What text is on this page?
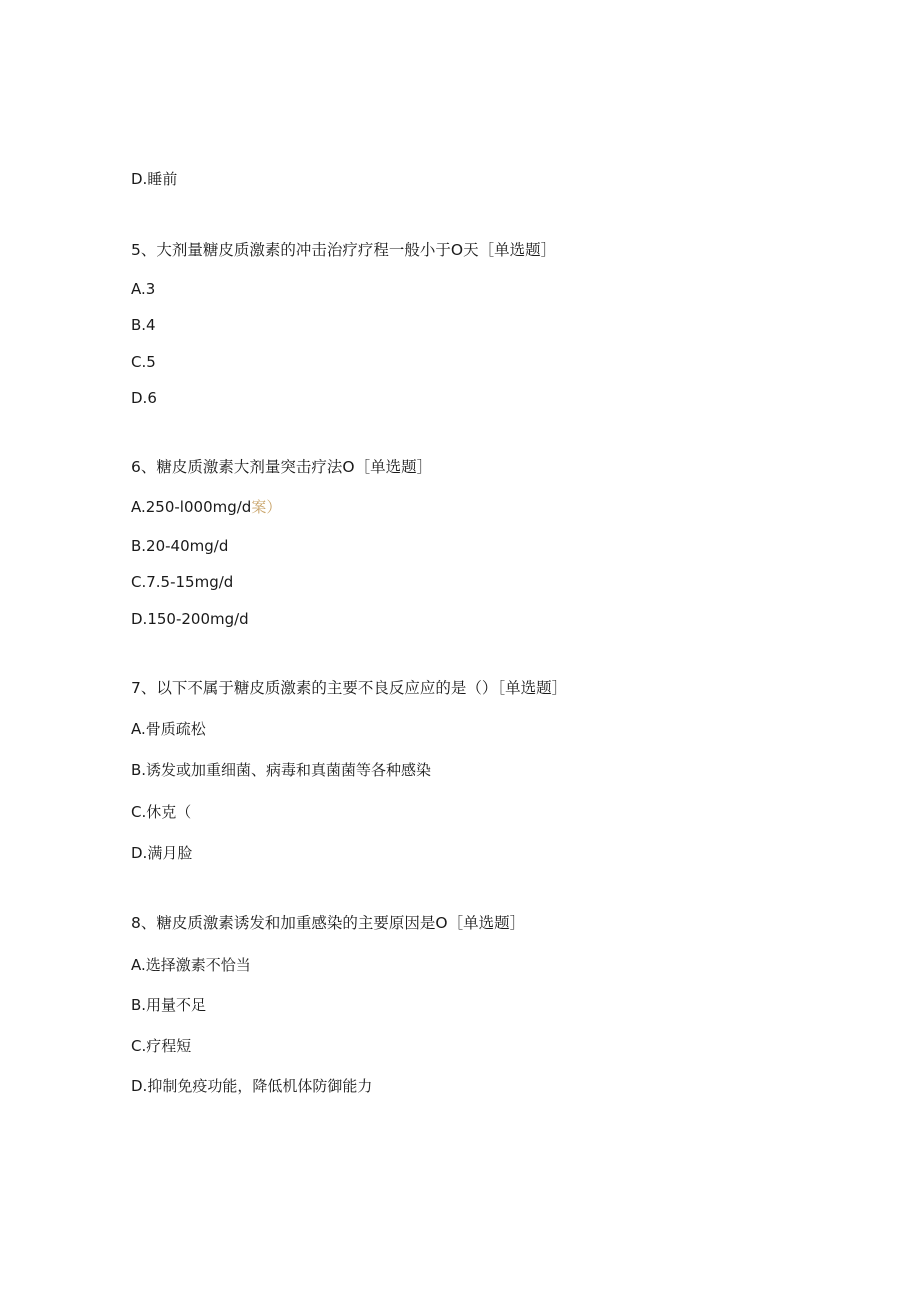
D.睡前
5、大剂量糖皮质激素的冲击治疗疗程一般小于O天［单选题］
A.3
B.4
C.5
D.6
6、糖皮质激素大剂量突击疗法O［单选题］
A.250-l000mg∕d案）
B.20-40mg∕d
C.7.5-15mg∕d
D.150-200mg∕d
7、以下不属于糖皮质激素的主要不良反应应的是（）［单选题］
A.骨质疏松
B.诱发或加重细菌、病毒和真菌菌等各种感染
C.休克（
D.满月脸
8、糖皮质激素诱发和加重感染的主要原因是O［单选题］
A.选择激素不恰当
B.用量不足
C.疗程短
D.抑制免疫功能，降低机体防御能力
